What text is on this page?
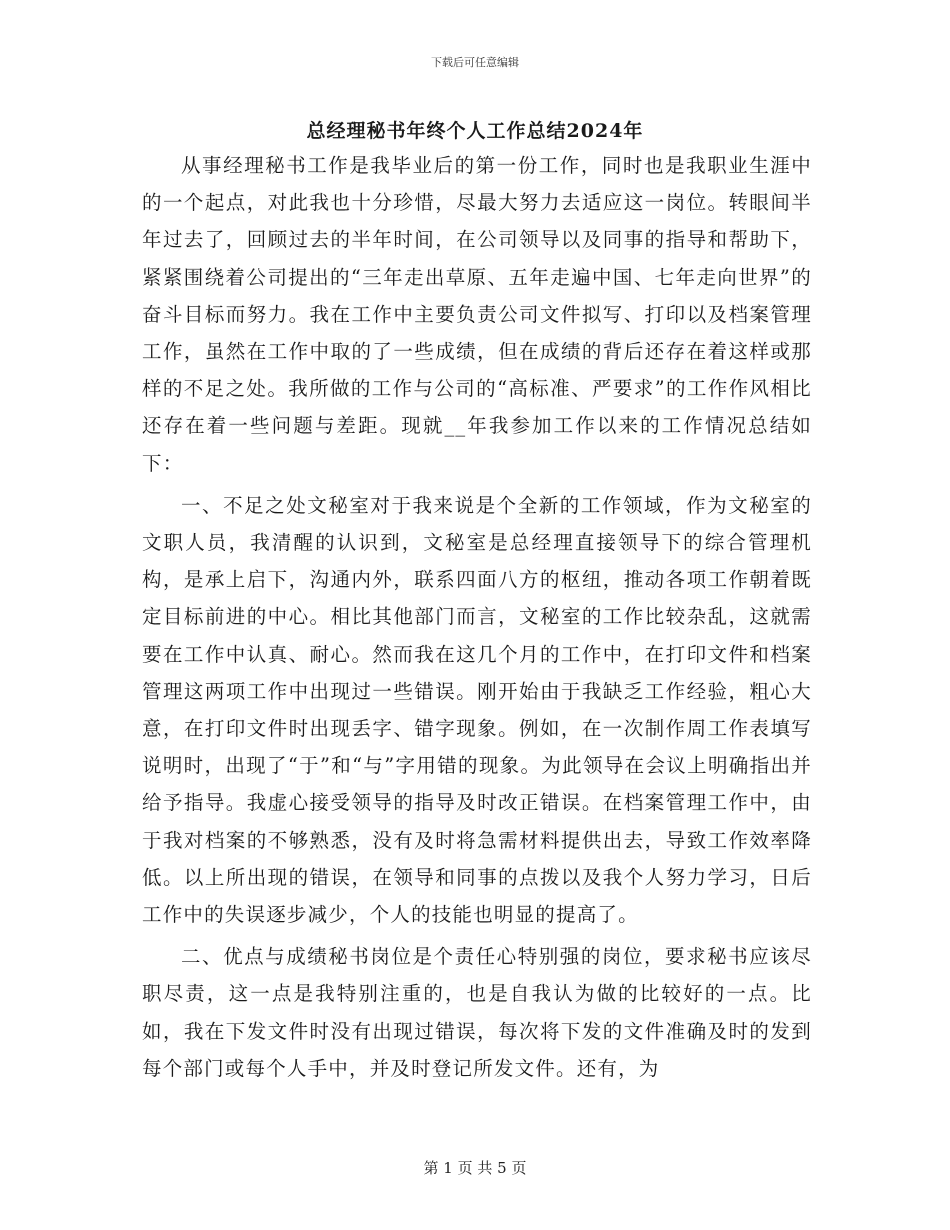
下载后可任意编辑
总经理秘书年终个人工作总结2024年

从事经理秘书工作是我毕业后的第一份工作，同时也是我职业生涯中的一个起点，对此我也十分珍惜，尽最大努力去适应这一岗位。转眼间半年过去了，回顾过去的半年时间，在公司领导以及同事的指导和帮助下，紧紧围绕着公司提出的“三年走出草原、五年走遍中国、七年走向世界”的奋斗目标而努力。我在工作中主要负责公司文件拟写、打印以及档案管理工作，虽然在工作中取的了一些成绩，但在成绩的背后还存在着这样或那样的不足之处。我所做的工作与公司的“高标准、严要求”的工作作风相比还存在着一些问题与差距。现就__年我参加工作以来的工作情况总结如下：

一、不足之处文秘室对于我来说是个全新的工作领域，作为文秘室的文职人员，我清醒的认识到，文秘室是总经理直接领导下的综合管理机构，是承上启下，沟通内外，联系四面八方的枢纽，推动各项工作朝着既定目标前进的中心。相比其他部门而言，文秘室的工作比较杂乱，这就需要在工作中认真、耐心。然而我在这几个月的工作中，在打印文件和档案管理这两项工作中出现过一些错误。刚开始由于我缺乏工作经验，粗心大意，在打印文件时出现丢字、错字现象。例如，在一次制作周工作表填写说明时，出现了“于”和“与”字用错的现象。为此领导在会议上明确指出并给予指导。我虚心接受领导的指导及时改正错误。在档案管理工作中，由于我对档案的不够熟悉，没有及时将急需材料提供出去，导致工作效率降低。以上所出现的错误，在领导和同事的点拨以及我个人努力学习，日后工作中的失误逐步减少，个人的技能也明显的提高了。

二、优点与成绩秘书岗位是个责任心特别强的岗位，要求秘书应该尽职尽责，这一点是我特别注重的，也是自我认为做的比较好的一点。比如，我在下发文件时没有出现过错误，每次将下发的文件准确及时的发到每个部门或每个人手中，并及时登记所发文件。还有，为

第 1 页 共 5 页
